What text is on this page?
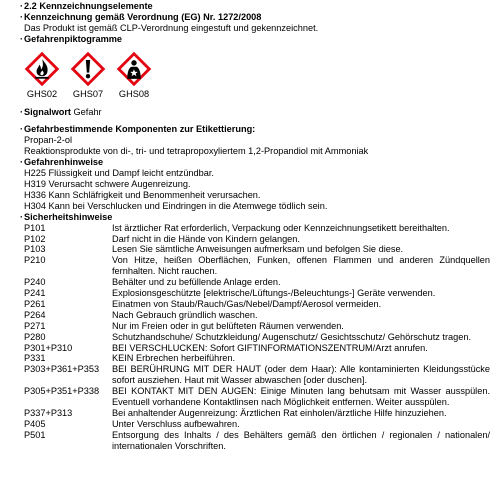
· 2.2 Kennzeichnungselemente
· Kennzeichnung gemäß Verordnung (EG) Nr. 1272/2008
Das Produkt ist gemäß CLP-Verordnung eingestuft und gekennzeichnet.
· Gefahrenpiktogramme
GHS02 GHS07 GHS08
· Signalwort Gefahr
· Gefahrbestimmende Komponenten zur Etikettierung:
Propan-2-ol
Reaktionsprodukte von di-, tri- und tetrapropoxyliertem 1,2-Propandiol mit Ammoniak
· Gefahrenhinweise
H225 Flüssigkeit und Dampf leicht entzündbar.
H319 Verursacht schwere Augenreizung.
H336 Kann Schläfrigkeit und Benommenheit verursachen.
H304 Kann bei Verschlucken und Eindringen in die Atemwege tödlich sein.
· Sicherheitshinweise
P101	Ist ärztlicher Rat erforderlich, Verpackung oder Kennzeichnungsetikett bereithalten.
P102	Darf nicht in die Hände von Kindern gelangen.
P103	Lesen Sie sämtliche Anweisungen aufmerksam und befolgen Sie diese.
P210	Von Hitze, heißen Oberflächen, Funken, offenen Flammen und anderen Zündquellen fernhalten. Nicht rauchen.
P240	Behälter und zu befüllende Anlage erden.
P241	Explosionsgeschützte [elektrische/Lüftungs-/Beleuchtungs-] Geräte verwenden.
P261	Einatmen von Staub/Rauch/Gas/Nebel/Dampf/Aerosol vermeiden.
P264	Nach Gebrauch gründlich waschen.
P271	Nur im Freien oder in gut belüfteten Räumen verwenden.
P280	Schutzhandschuhe/ Schutzkleidung/ Augenschutz/ Gesichtsschutz/ Gehörschutz tragen.
P301+P310	BEI VERSCHLUCKEN: Sofort GIFTINFORMATIONSZENTRUM/Arzt anrufen.
P331	KEIN Erbrechen herbeiführen.
P303+P361+P353	BEI BERÜHRUNG MIT DER HAUT (oder dem Haar): Alle kontaminierten Kleidungsstücke sofort ausziehen. Haut mit Wasser abwaschen [oder duschen].
P305+P351+P338	BEI KONTAKT MIT DEN AUGEN: Einige Minuten lang behutsam mit Wasser ausspülen. Eventuell vorhandene Kontaktlinsen nach Möglichkeit entfernen. Weiter ausspülen.
P337+P313	Bei anhaltender Augenreizung: Ärztlichen Rat einholen/ärztliche Hilfe hinzuziehen.
P405	Unter Verschluss aufbewahren.
P501	Entsorgung des Inhalts / des Behälters gemäß den örtlichen / regionalen / nationalen/ internationalen Vorschriften.
